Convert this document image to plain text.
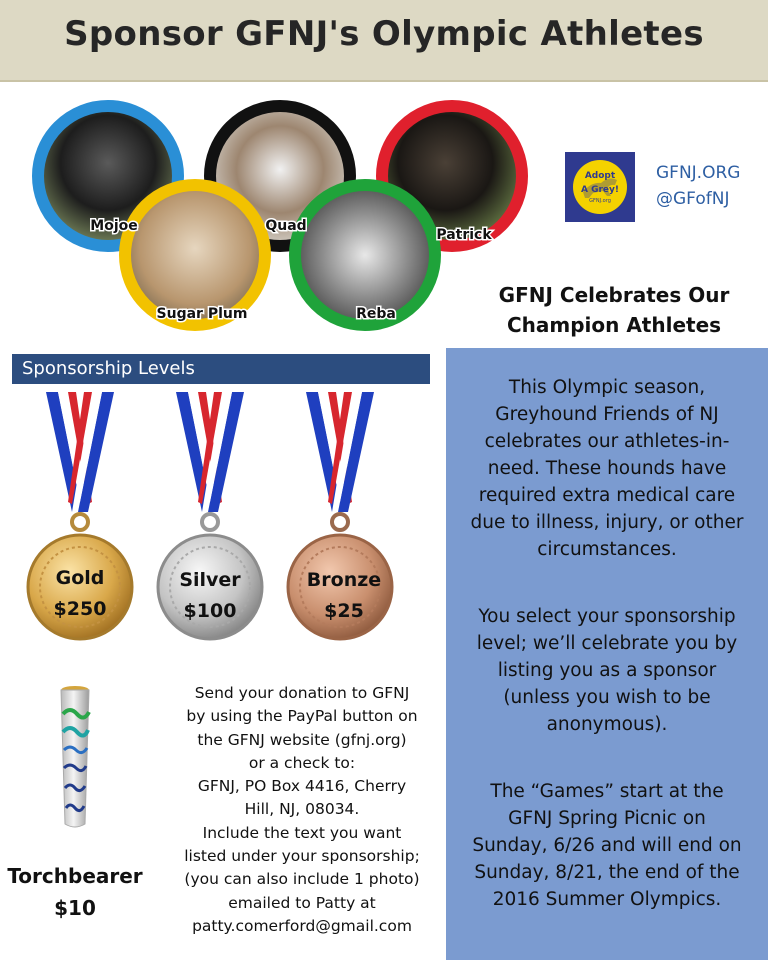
Sponsor GFNJ's Olympic Athletes
Mojoe
Sugar Plum
Quad
Reba
Patrick
Adopt
A Grey!
GFNJ.org
GFNJ.ORG
@GFofNJ
GFNJ Celebrates Our
Champion Athletes
Sponsorship Levels
Gold
$250
Silver
$100
Bronze
$25
Torchbearer
$10
Send your donation to GFNJ
by using the PayPal button on
the GFNJ website (gfnj.org)
or a check to:
GFNJ, PO Box 4416, Cherry
Hill, NJ, 08034.
Include the text you want
listed under your sponsorship;
(you can also include 1 photo)
emailed to Patty at
patty.comerford@gmail.com

This Olympic season,
Greyhound Friends of NJ
celebrates our athletes-in-
need. These hounds have
required extra medical care
due to illness, injury, or other
circumstances.

You select your sponsorship
level; we’ll celebrate you by
listing you as a sponsor
(unless you wish to be
anonymous).

The “Games” start at the
GFNJ Spring Picnic on
Sunday, 6/26 and will end on
Sunday, 8/21, the end of the
2016 Summer Olympics.
